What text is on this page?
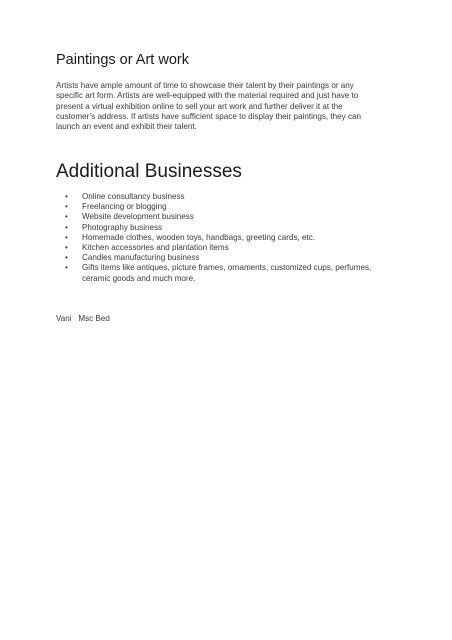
Paintings or Art work

Artists have ample amount of time to showcase their talent by their paintings or any
specific art form. Artists are well-equipped with the material required and just have to
present a virtual exhibition online to sell your art work and further deliver it at the
customer’s address. If artists have sufficient space to display their paintings, they can
launch an event and exhibit their talent.

Additional Businesses
• Online consultancy business
• Freelancing or blogging
• Website development business
• Photography business
• Homemade clothes, wooden toys, handbags, greeting cards, etc.
• Kitchen accessories and plantation items
• Candles manufacturing business
• Gifts items like antiques, picture frames, ornaments, customized cups, perfumes,
ceramic goods and much more.

Vani   Msc Bed
